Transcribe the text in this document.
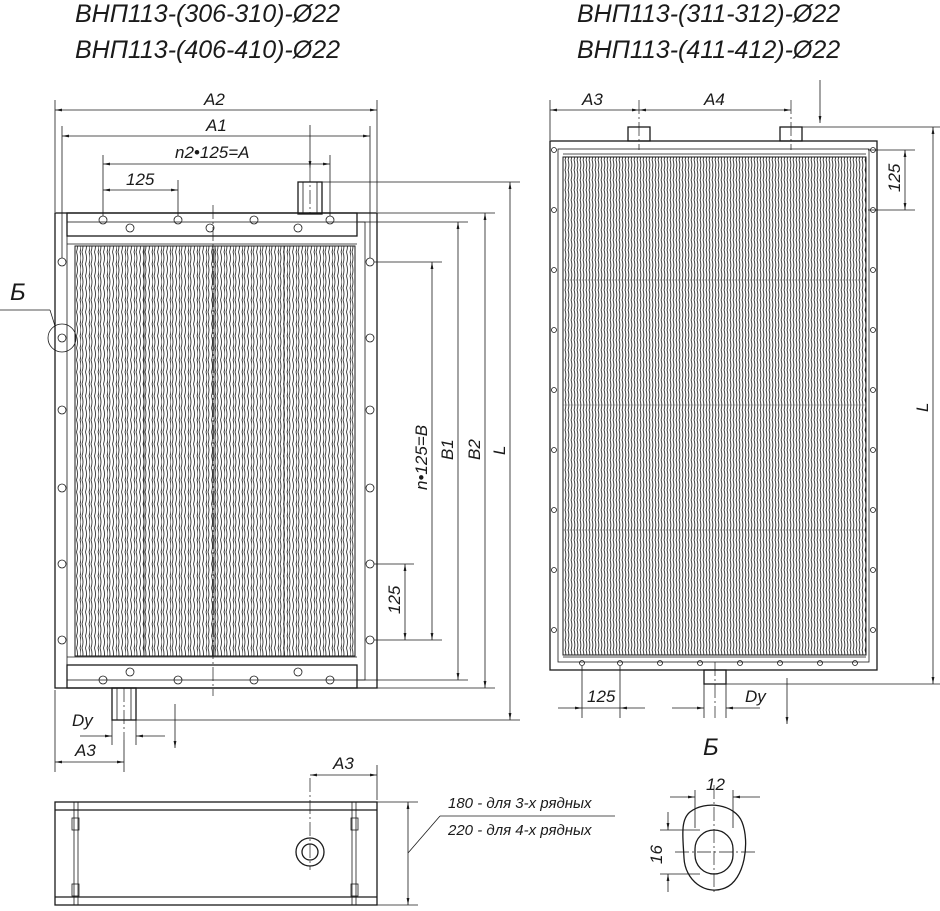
ВНП113-(306-310)-Ø22
ВНП113-(406-410)-Ø22
ВНП113-(311-312)-Ø22
ВНП113-(411-412)-Ø22
Б
A2
A1
n2•125=A
125
n•125=B B1 B2 L
125
Dy
A3
A3	A4
125
L
125	Dy
A3
180 - для 3-х рядных
220 - для 4-х рядных
Б
12
16
